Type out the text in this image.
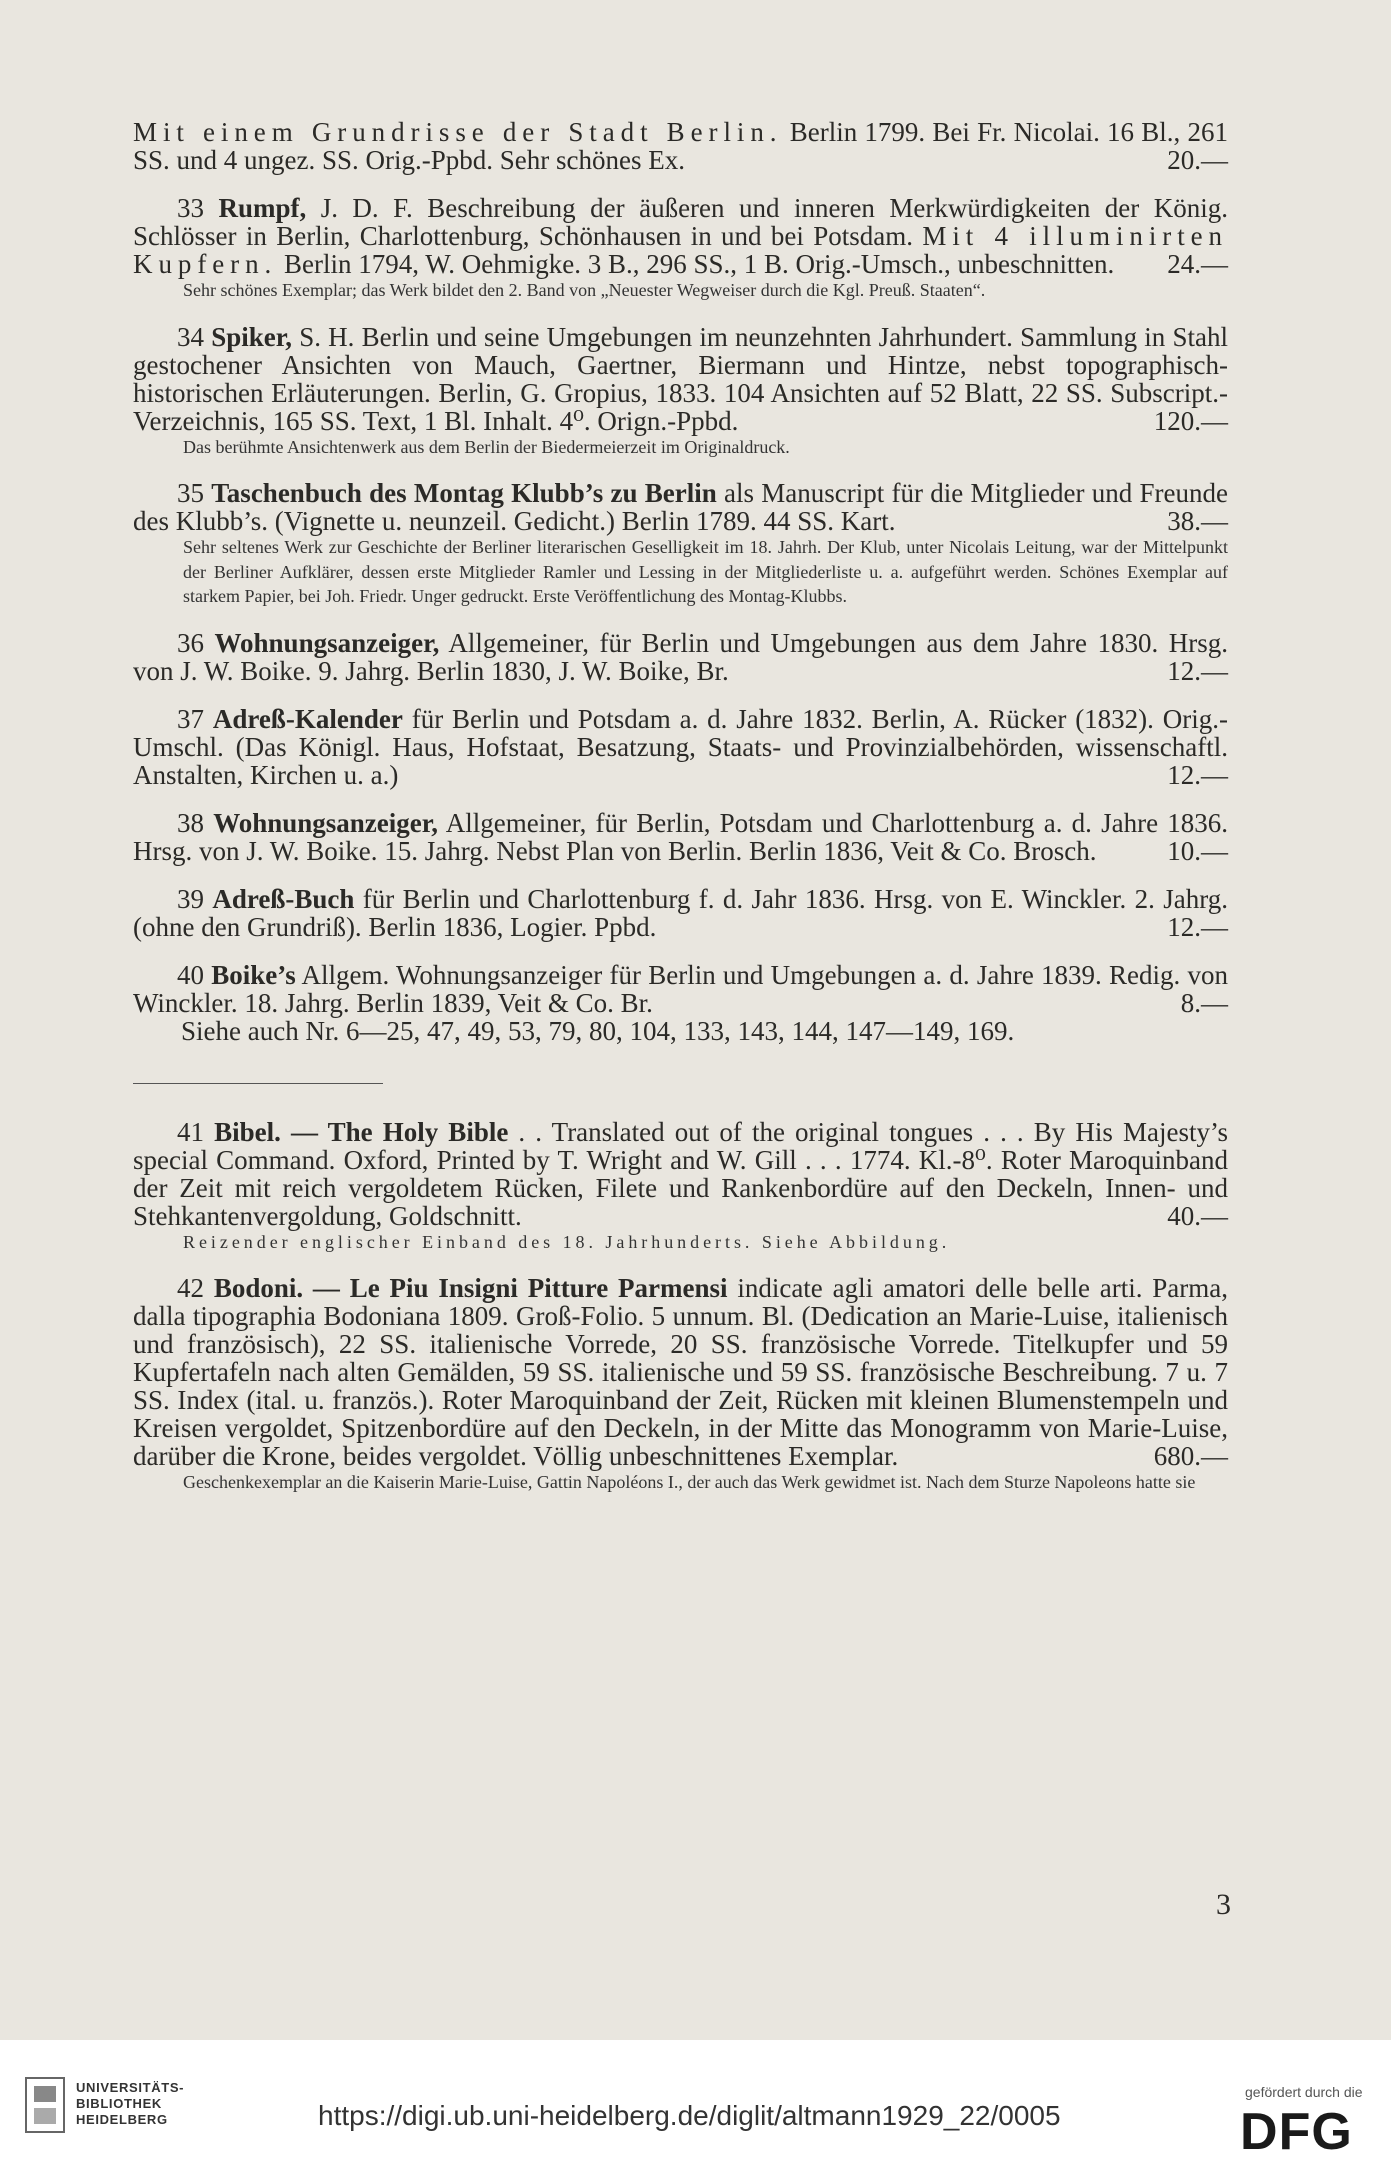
Mit einem Grundrisse der Stadt Berlin. Berlin 1799. Bei Fr. Nicolai. 16 Bl., 261 SS. und 4 ungez. SS. Orig.-Ppbd. Sehr schönes Ex.	20.—

33 Rumpf, J. D. F. Beschreibung der äußeren und inneren Merkwürdigkeiten der König. Schlösser in Berlin, Charlottenburg, Schönhausen in und bei Potsdam. Mit 4 illuminirten Kupfern. Berlin 1794, W. Oehmigke. 3 B., 296 SS., 1 B. Orig.-Umsch., unbeschnitten. 24.—

Sehr schönes Exemplar; das Werk bildet den 2. Band von „Neuester Wegweiser durch die Kgl. Preuß. Staaten“.

34 Spiker, S. H. Berlin und seine Umgebungen im neunzehnten Jahrhundert. Sammlung in Stahl gestochener Ansichten von Mauch, Gaertner, Biermann und Hintze, nebst topographisch-historischen Erläuterungen. Berlin, G. Gropius, 1833. 104 Ansichten auf 52 Blatt, 22 SS. Subscript.-Verzeichnis, 165 SS. Text, 1 Bl. Inhalt. 4⁰. Orign.-Ppbd.	120.—

Das berühmte Ansichtenwerk aus dem Berlin der Biedermeierzeit im Originaldruck.

35 Taschenbuch des Montag Klubb’s zu Berlin als Manuscript für die Mitglieder und Freunde des Klubb’s. (Vignette u. neunzeil. Gedicht.) Berlin 1789. 44 SS. Kart.	38.—

Sehr seltenes Werk zur Geschichte der Berliner literarischen Geselligkeit im 18. Jahrh. Der Klub, unter Nicolais Leitung, war der Mittelpunkt der Berliner Aufklärer, dessen erste Mitglieder Ramler und Lessing in der Mitgliederliste u. a. aufgeführt werden. Schönes Exemplar auf starkem Papier, bei Joh. Friedr. Unger gedruckt. Erste Veröffentlichung des Montag-Klubbs.

36 Wohnungsanzeiger, Allgemeiner, für Berlin und Umgebungen aus dem Jahre 1830. Hrsg. von J. W. Boike. 9. Jahrg. Berlin 1830, J. W. Boike, Br.	12.—

37 Adreß-Kalender für Berlin und Potsdam a. d. Jahre 1832. Berlin, A. Rücker (1832). Orig.-Umschl. (Das Königl. Haus, Hofstaat, Besatzung, Staats- und Provinzialbehörden, wissenschaftl. Anstalten, Kirchen u. a.)	12.—

38 Wohnungsanzeiger, Allgemeiner, für Berlin, Potsdam und Charlottenburg a. d. Jahre 1836. Hrsg. von J. W. Boike. 15. Jahrg. Nebst Plan von Berlin. Berlin 1836, Veit & Co. Brosch.	10.—

39 Adreß-Buch für Berlin und Charlottenburg f. d. Jahr 1836. Hrsg. von E. Winckler. 2. Jahrg. (ohne den Grundriß). Berlin 1836, Logier. Ppbd.	12.—

40 Boike’s Allgem. Wohnungsanzeiger für Berlin und Umgebungen a. d. Jahre 1839. Redig. von Winckler. 18. Jahrg. Berlin 1839, Veit & Co. Br.	8.—
Siehe auch Nr. 6—25, 47, 49, 53, 79, 80, 104, 133, 143, 144, 147—149, 169.

41 Bibel. — The Holy Bible . . Translated out of the original tongues . . . By His Majesty’s special Command. Oxford, Printed by T. Wright and W. Gill . . . 1774. Kl.-8⁰. Roter Maroquinband der Zeit mit reich vergoldetem Rücken, Filete und Rankenbordüre auf den Deckeln, Innen- und Stehkantenvergoldung, Goldschnitt.	40.—

Reizender englischer Einband des 18. Jahrhunderts. Siehe Abbildung.

42 Bodoni. — Le Piu Insigni Pitture Parmensi indicate agli amatori delle belle arti. Parma, dalla tipographia Bodoniana 1809. Groß-Folio. 5 unnum. Bl. (Dedication an Marie-Luise, italienisch und französisch), 22 SS. italienische Vorrede, 20 SS. französische Vorrede. Titelkupfer und 59 Kupfertafeln nach alten Gemälden, 59 SS. italienische und 59 SS. französische Beschreibung. 7 u. 7 SS. Index (ital. u. französ.). Roter Maroquinband der Zeit, Rücken mit kleinen Blumenstempeln und Kreisen vergoldet, Spitzenbordüre auf den Deckeln, in der Mitte das Monogramm von Marie-Luise, darüber die Krone, beides vergoldet. Völlig unbeschnittenes Exemplar.	680.—

Geschenkexemplar an die Kaiserin Marie-Luise, Gattin Napoléons I., der auch das Werk gewidmet ist. Nach dem Sturze Napoleons hatte sie

3
UNIVERSITÄTS-
BIBLIOTHEK
HEIDELBERG	https://digi.ub.uni-heidelberg.de/diglit/altmann1929_22/0005
gefördert durch die
DFG
